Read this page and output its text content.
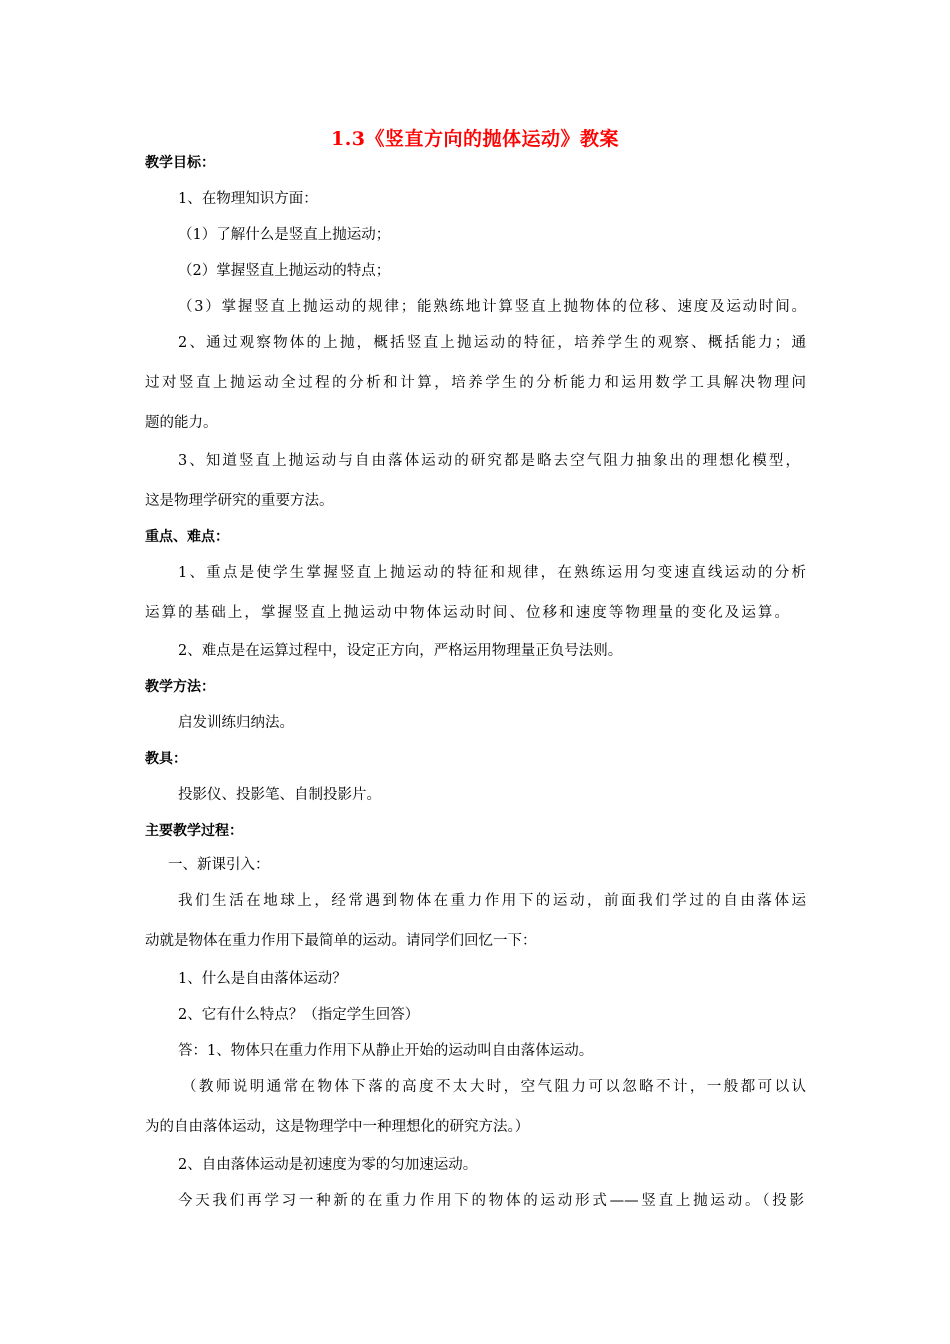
1.3《竖直方向的抛体运动》教案
教学目标：
1、在物理知识方面：
（1）了解什么是竖直上抛运动；
（2）掌握竖直上抛运动的特点；
（3）掌握竖直上抛运动的规律；能熟练地计算竖直上抛物体的位移、速度及运动时间。
2、通过观察物体的上抛，概括竖直上抛运动的特征，培养学生的观察、概括能力；通
过对竖直上抛运动全过程的分析和计算，培养学生的分析能力和运用数学工具解决物理问
题的能力。
3、知道竖直上抛运动与自由落体运动的研究都是略去空气阻力抽象出的理想化模型，
这是物理学研究的重要方法。
重点、难点：
1、重点是使学生掌握竖直上抛运动的特征和规律，在熟练运用匀变速直线运动的分析
运算的基础上，掌握竖直上抛运动中物体运动时间、位移和速度等物理量的变化及运算。
2、难点是在运算过程中，设定正方向，严格运用物理量正负号法则。
教学方法：
启发训练归纳法。
教具：
投影仪、投影笔、自制投影片。
主要教学过程：
一、新课引入：
我们生活在地球上，经常遇到物体在重力作用下的运动，前面我们学过的自由落体运
动就是物体在重力作用下最简单的运动。请同学们回忆一下：
1、什么是自由落体运动？
2、它有什么特点？（指定学生回答）
答：1、物体只在重力作用下从静止开始的运动叫自由落体运动。
（教师说明通常在物体下落的高度不太大时，空气阻力可以忽略不计，一般都可以认
为的自由落体运动，这是物理学中一种理想化的研究方法。）
2、自由落体运动是初速度为零的匀加速运动。
今天我们再学习一种新的在重力作用下的物体的运动形式——竖直上抛运动。（投影
